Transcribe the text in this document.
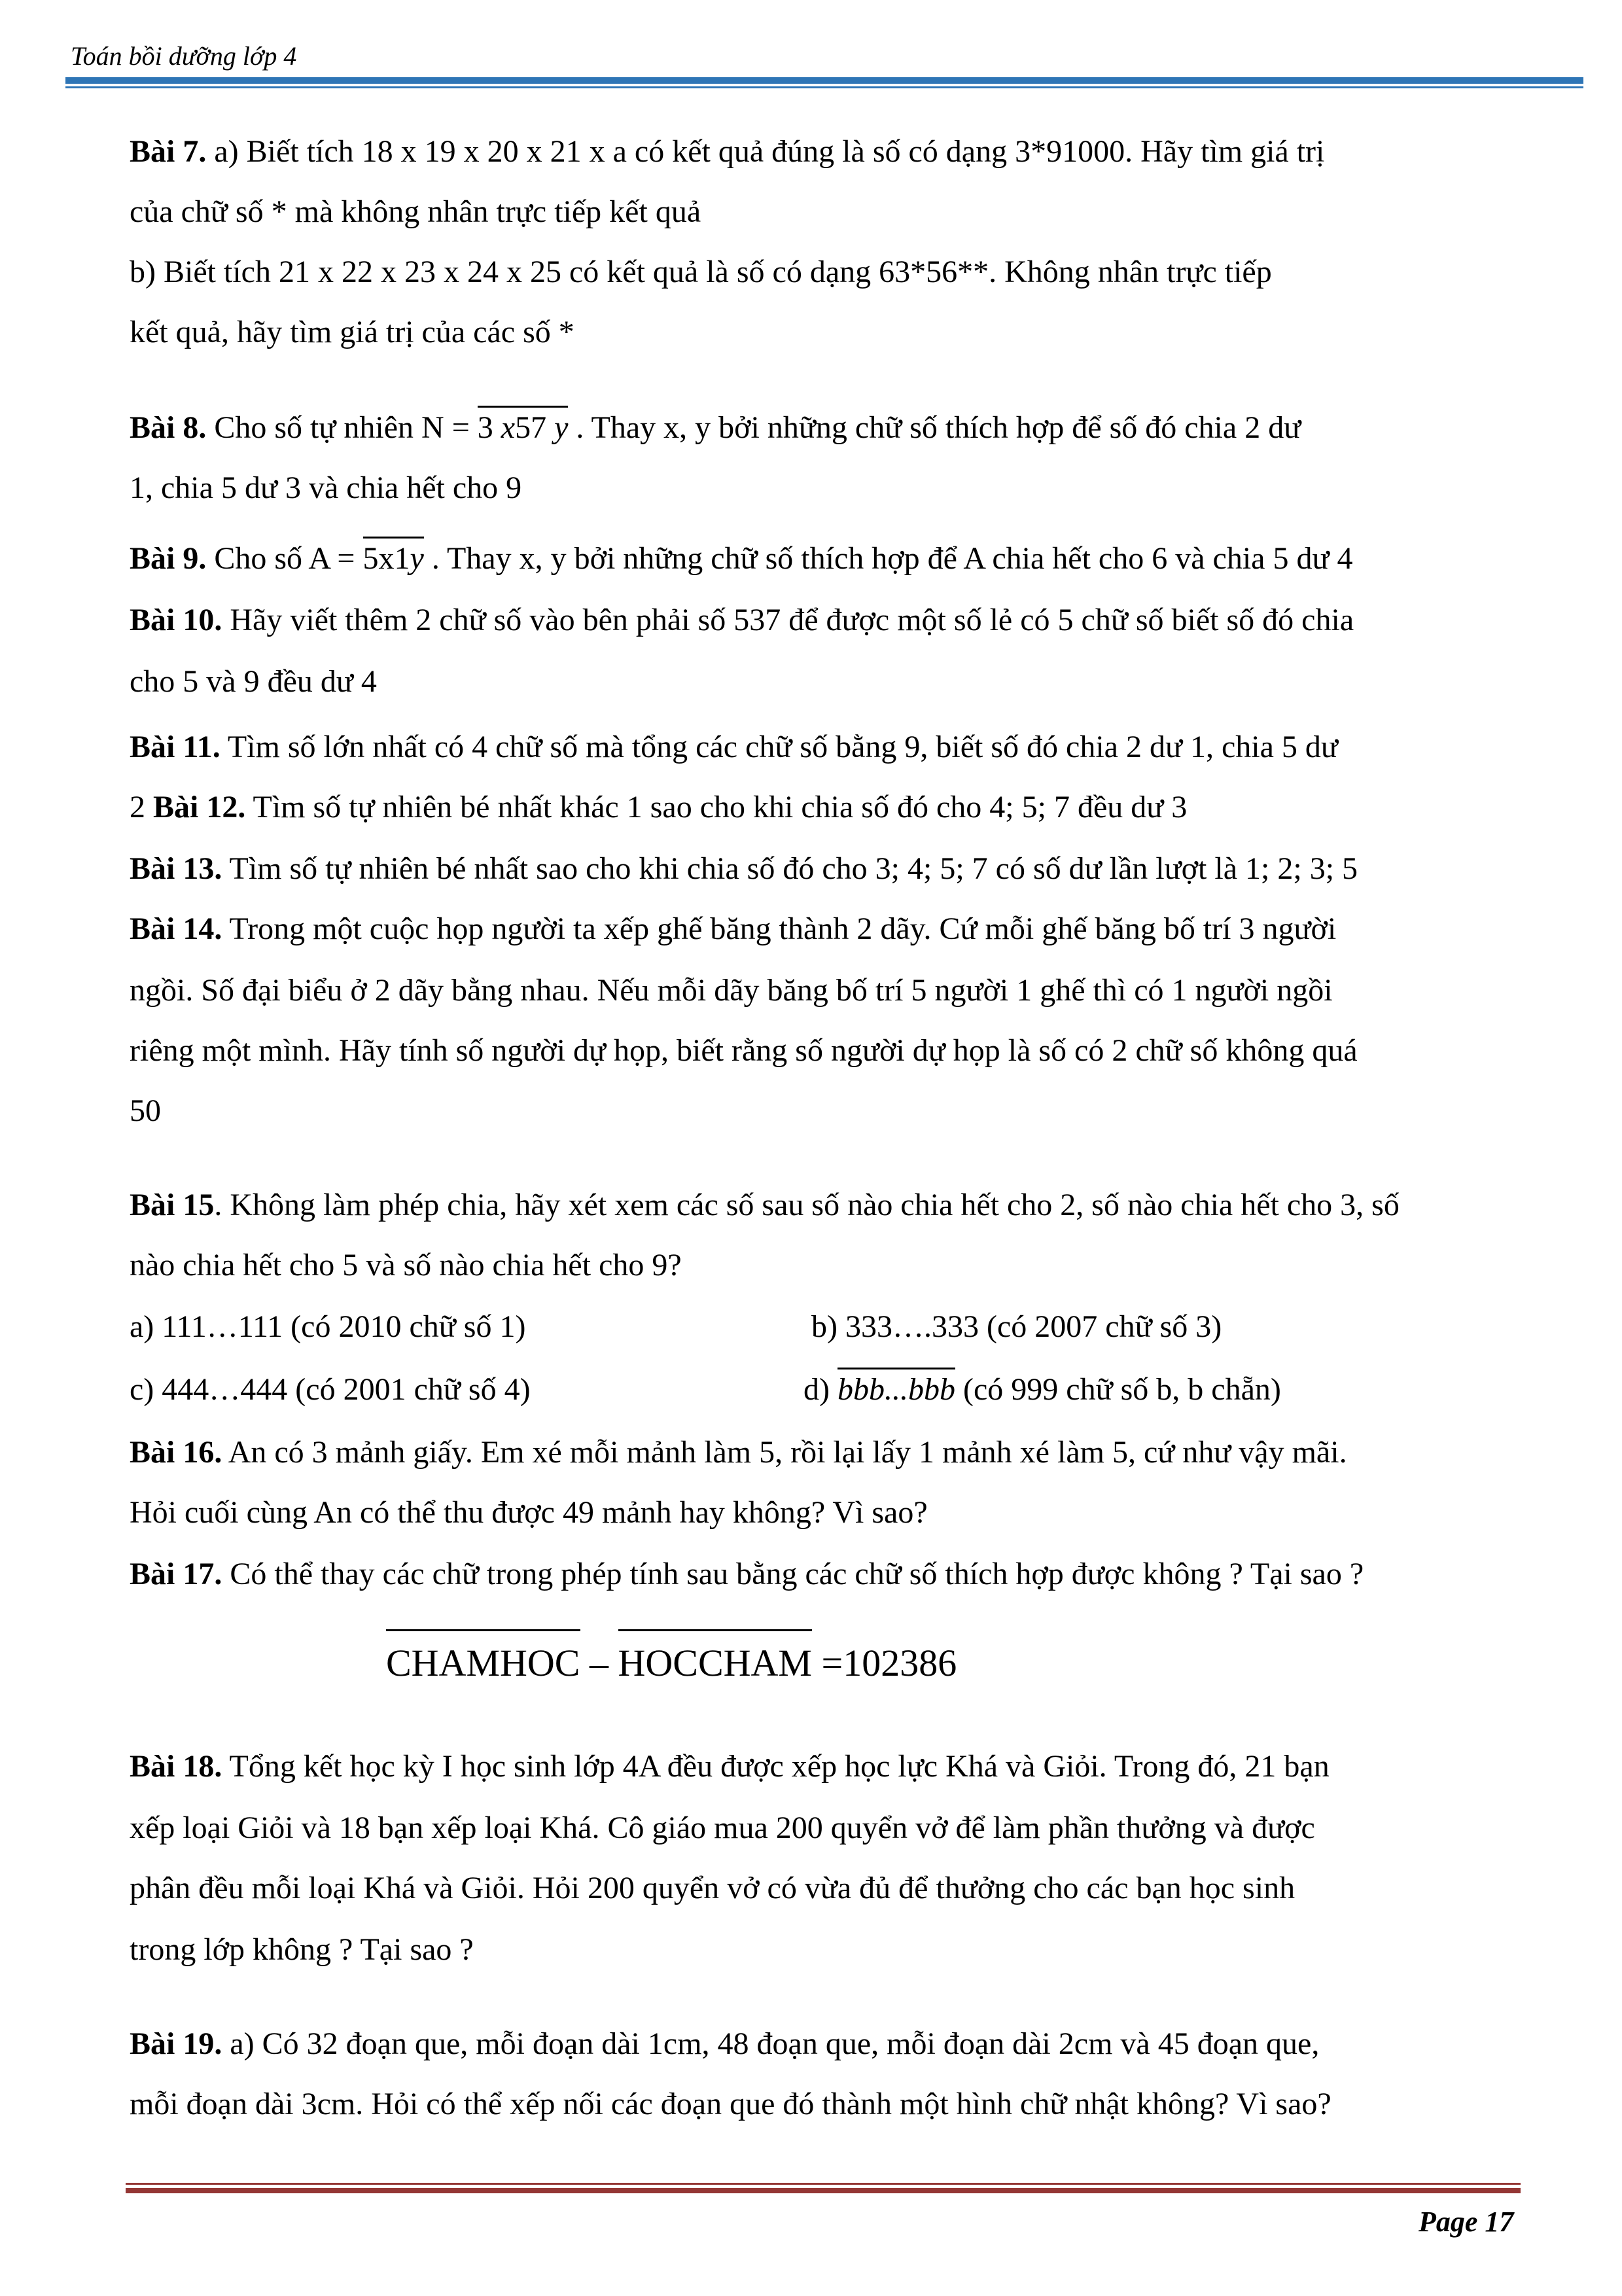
Toán bồi dưỡng lớp 4
Bài 7. a) Biết tích 18 x 19 x 20 x 21 x a có kết quả đúng là số có dạng 3*91000. Hãy tìm giá trị
của chữ số * mà không nhân trực tiếp kết quả
b) Biết tích 21 x 22 x 23 x 24 x 25 có kết quả là số có dạng 63*56**. Không nhân trực tiếp
kết quả, hãy tìm giá trị của các số *
Bài 8. Cho số tự nhiên N = 3 x57 y . Thay x, y bởi những chữ số thích hợp để số đó chia 2 dư
1, chia 5 dư 3 và chia hết cho 9
Bài 9. Cho số A = 5x1y . Thay x, y bởi những chữ số thích hợp để A chia hết cho 6 và chia 5 dư 4
Bài 10. Hãy viết thêm 2 chữ số vào bên phải số 537 để được một số lẻ có 5 chữ số biết số đó chia
cho 5 và 9 đều dư 4
Bài 11. Tìm số lớn nhất có 4 chữ số mà tổng các chữ số bằng 9, biết số đó chia 2 dư 1, chia 5 dư
2 Bài 12. Tìm số tự nhiên bé nhất khác 1 sao cho khi chia số đó cho 4; 5; 7 đều dư 3
Bài 13. Tìm số tự nhiên bé nhất sao cho khi chia số đó cho 3; 4; 5; 7 có số dư lần lượt là 1; 2; 3; 5
Bài 14. Trong một cuộc họp người ta xếp ghế băng thành 2 dãy. Cứ mỗi ghế băng bố trí 3 người
ngồi. Số đại biểu ở 2 dãy bằng nhau. Nếu mỗi dãy băng bố trí 5 người 1 ghế thì có 1 người ngồi
riêng một mình. Hãy tính số người dự họp, biết rằng số người dự họp là số có 2 chữ số không quá
50
Bài 15. Không làm phép chia, hãy xét xem các số sau số nào chia hết cho 2, số nào chia hết cho 3, số
nào chia hết cho 5 và số nào chia hết cho 9?
a) 111…111 (có 2010 chữ số 1)	b) 333….333 (có 2007 chữ số 3)
c) 444…444 (có 2001 chữ số 4)	d) bbb...bbb (có 999 chữ số b, b chẵn)
Bài 16. An có 3 mảnh giấy. Em xé mỗi mảnh làm 5, rồi lại lấy 1 mảnh xé làm 5, cứ như vậy mãi.
Hỏi cuối cùng An có thể thu được 49 mảnh hay không? Vì sao?
Bài 17. Có thể thay các chữ trong phép tính sau bằng các chữ số thích hợp được không ? Tại sao ?
CHAMHOC – HOCCHAM =102386
Bài 18. Tổng kết học kỳ I học sinh lớp 4A đều được xếp học lực Khá và Giỏi. Trong đó, 21 bạn
xếp loại Giỏi và 18 bạn xếp loại Khá. Cô giáo mua 200 quyển vở để làm phần thưởng và được
phân đều mỗi loại Khá và Giỏi. Hỏi 200 quyển vở có vừa đủ để thưởng cho các bạn học sinh
trong lớp không ? Tại sao ?
Bài 19. a) Có 32 đoạn que, mỗi đoạn dài 1cm, 48 đoạn que, mỗi đoạn dài 2cm và 45 đoạn que,
mỗi đoạn dài 3cm. Hỏi có thể xếp nối các đoạn que đó thành một hình chữ nhật không? Vì sao?
Page 17
